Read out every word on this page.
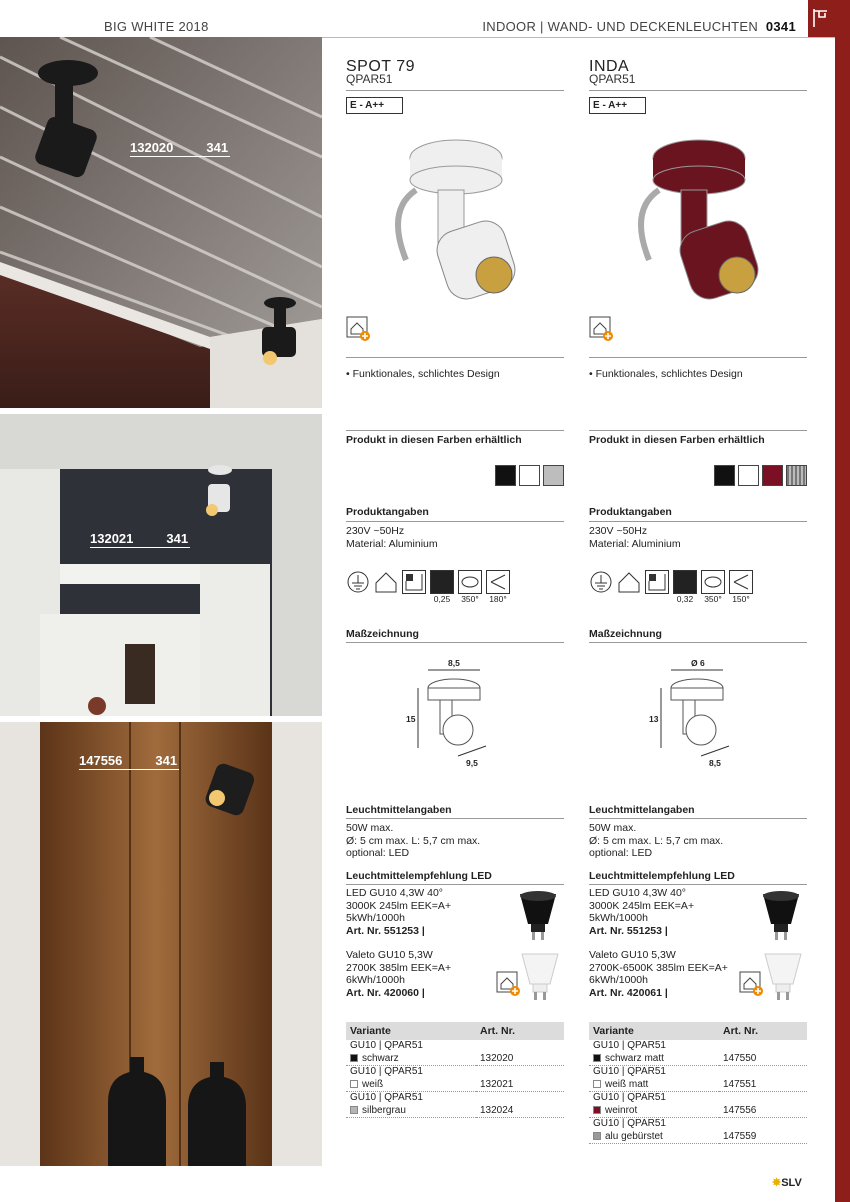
BIG WHITE 2018	INDOOR | WAND- UND DECKENLEUCHTEN 0341
132020	341
132021	341
147556	341
SPOT 79
QPAR51
E - A++
• Funktionales, schlichtes Design
Produkt in diesen Farben erhältlich
Produktangaben
230V ~50Hz
Material: Aluminium
0,25 350° 180°
Maßzeichnung
8,5
15
9,5
Leuchtmittelangaben
50W max.
Ø: 5 cm max. L: 5,7 cm max.
optional: LED
Leuchtmittelempfehlung LED
LED GU10 4,3W 40°
3000K 245lm EEK=A+
5kWh/1000h
Art. Nr. 551253 |
Valeto GU10 5,3W
2700K 385lm EEK=A+
6kWh/1000h
Art. Nr. 420060 |
Variante	Art. Nr.
GU10 | QPAR51	
schwarz	132020
GU10 | QPAR51	
weiß	132021
GU10 | QPAR51	
silbergrau	132024
INDA
QPAR51
E - A++
• Funktionales, schlichtes Design
Produkt in diesen Farben erhältlich
Produktangaben
230V ~50Hz
Material: Aluminium
0,32 350° 150°
Maßzeichnung
Ø 6
13
8,5
Leuchtmittelangaben
50W max.
Ø: 5 cm max. L: 5,7 cm max.
optional: LED
Leuchtmittelempfehlung LED
LED GU10 4,3W 40°
3000K 245lm EEK=A+
5kWh/1000h
Art. Nr. 551253 |
Valeto GU10 5,3W
2700K-6500K 385lm EEK=A+
6kWh/1000h
Art. Nr. 420061 |
Variante	Art. Nr.
GU10 | QPAR51	
schwarz matt	147550
GU10 | QPAR51	
weiß matt	147551
GU10 | QPAR51	
weinrot	147556
GU10 | QPAR51	
alu gebürstet	147559
✸SLV
